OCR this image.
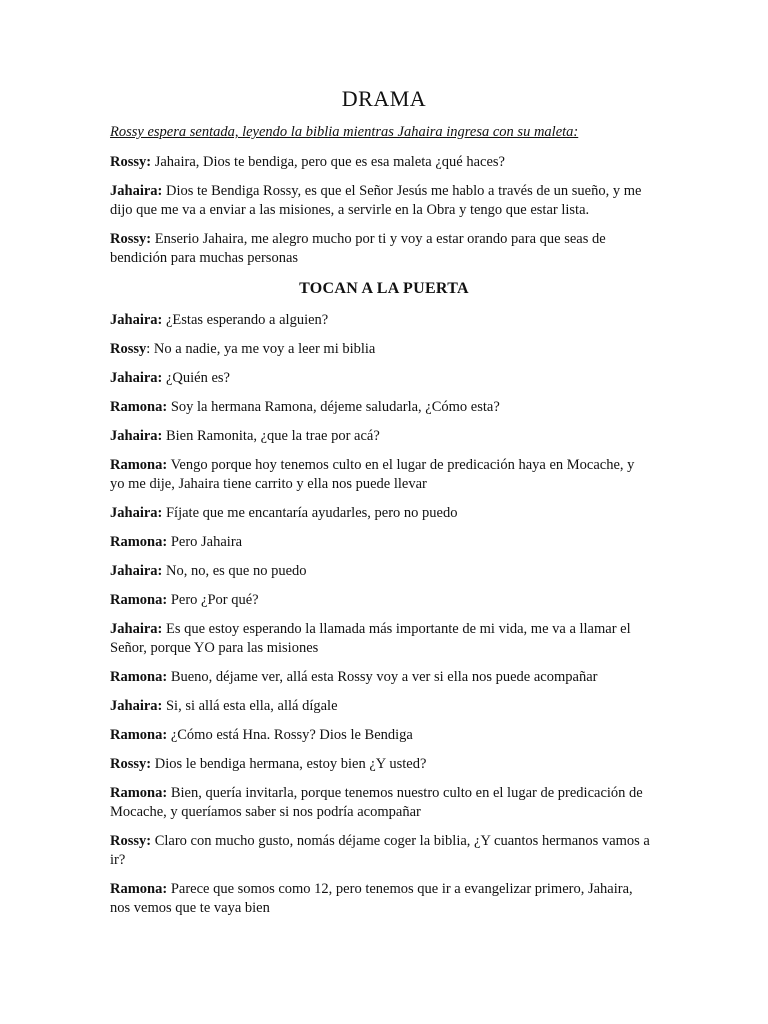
DRAMA
Rossy espera sentada, leyendo la biblia mientras Jahaira ingresa con su maleta:
Rossy: Jahaira, Dios te bendiga, pero que es esa maleta ¿qué haces?
Jahaira: Dios te Bendiga Rossy, es que el Señor Jesús me hablo a través de un sueño, y me dijo que me va a enviar a las misiones, a servirle en la Obra y tengo que estar lista.
Rossy: Enserio Jahaira, me alegro mucho por ti y voy a estar orando para que seas de bendición para muchas personas
TOCAN A LA PUERTA
Jahaira: ¿Estas esperando a alguien?
Rossy: No a nadie, ya me voy a leer mi biblia
Jahaira: ¿Quién es?
Ramona: Soy la hermana Ramona, déjeme saludarla, ¿Cómo esta?
Jahaira: Bien Ramonita, ¿que la trae por acá?
Ramona: Vengo porque hoy tenemos culto en el lugar de predicación haya en Mocache, y yo me dije, Jahaira tiene carrito y ella nos puede llevar
Jahaira: Fíjate que me encantaría ayudarles, pero no puedo
Ramona: Pero Jahaira
Jahaira: No, no, es que no puedo
Ramona: Pero ¿Por qué?
Jahaira: Es que estoy esperando la llamada más importante de mi vida, me va a llamar el Señor, porque YO para las misiones
Ramona: Bueno, déjame ver, allá esta Rossy voy a ver si ella nos puede acompañar
Jahaira: Si, si allá esta ella, allá dígale
Ramona: ¿Cómo está Hna. Rossy? Dios le Bendiga
Rossy: Dios le bendiga hermana, estoy bien ¿Y usted?
Ramona: Bien, quería invitarla, porque tenemos nuestro culto en el lugar de predicación de Mocache, y queríamos saber si nos podría acompañar
Rossy: Claro con mucho gusto, nomás déjame coger la biblia, ¿Y cuantos hermanos vamos a ir?
Ramona: Parece que somos como 12, pero tenemos que ir a evangelizar primero, Jahaira, nos vemos que te vaya bien
